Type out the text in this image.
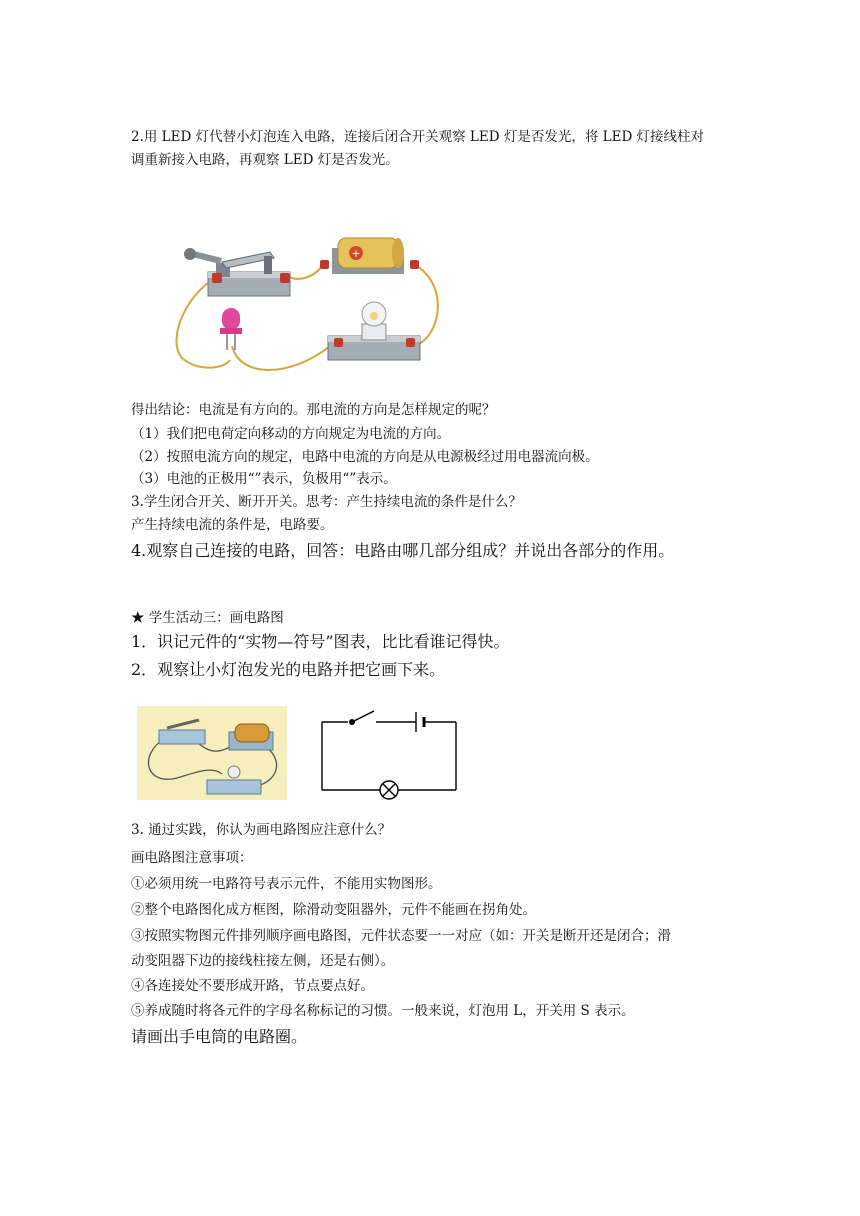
2.用 LED 灯代替小灯泡连入电路，连接后闭合开关观察 LED 灯是否发光，将 LED 灯接线柱对
调重新接入电路，再观察 LED 灯是否发光。
+
得出结论：电流是有方向的。那电流的方向是怎样规定的呢？
（1）我们把电荷定向移动的方向规定为电流的方向。
（2）按照电流方向的规定，电路中电流的方向是从电源极经过用电器流向极。
（3）电池的正极用“”表示，负极用“”表示。
3.学生闭合开关、断开开关。思考：产生持续电流的条件是什么？
产生持续电流的条件是，电路要。
4.观察自己连接的电路，回答：电路由哪几部分组成？并说出各部分的作用。
★ 学生活动三：画电路图
1．识记元件的“实物—符号”图表，比比看谁记得快。
2．观察让小灯泡发光的电路并把它画下来。
3. 通过实践，你认为画电路图应注意什么？
画电路图注意事项：
①必须用统一电路符号表示元件，不能用实物图形。
②整个电路图化成方框图，除滑动变阻器外，元件不能画在拐角处。
③按照实物图元件排列顺序画电路图，元件状态要一一对应（如：开关是断开还是闭合；滑
动变阻器下边的接线柱接左侧，还是右侧）。
④各连接处不要形成开路，节点要点好。
⑤养成随时将各元件的字母名称标记的习惯。一般来说，灯泡用 L，开关用 S 表示。
请画出手电筒的电路圈。
